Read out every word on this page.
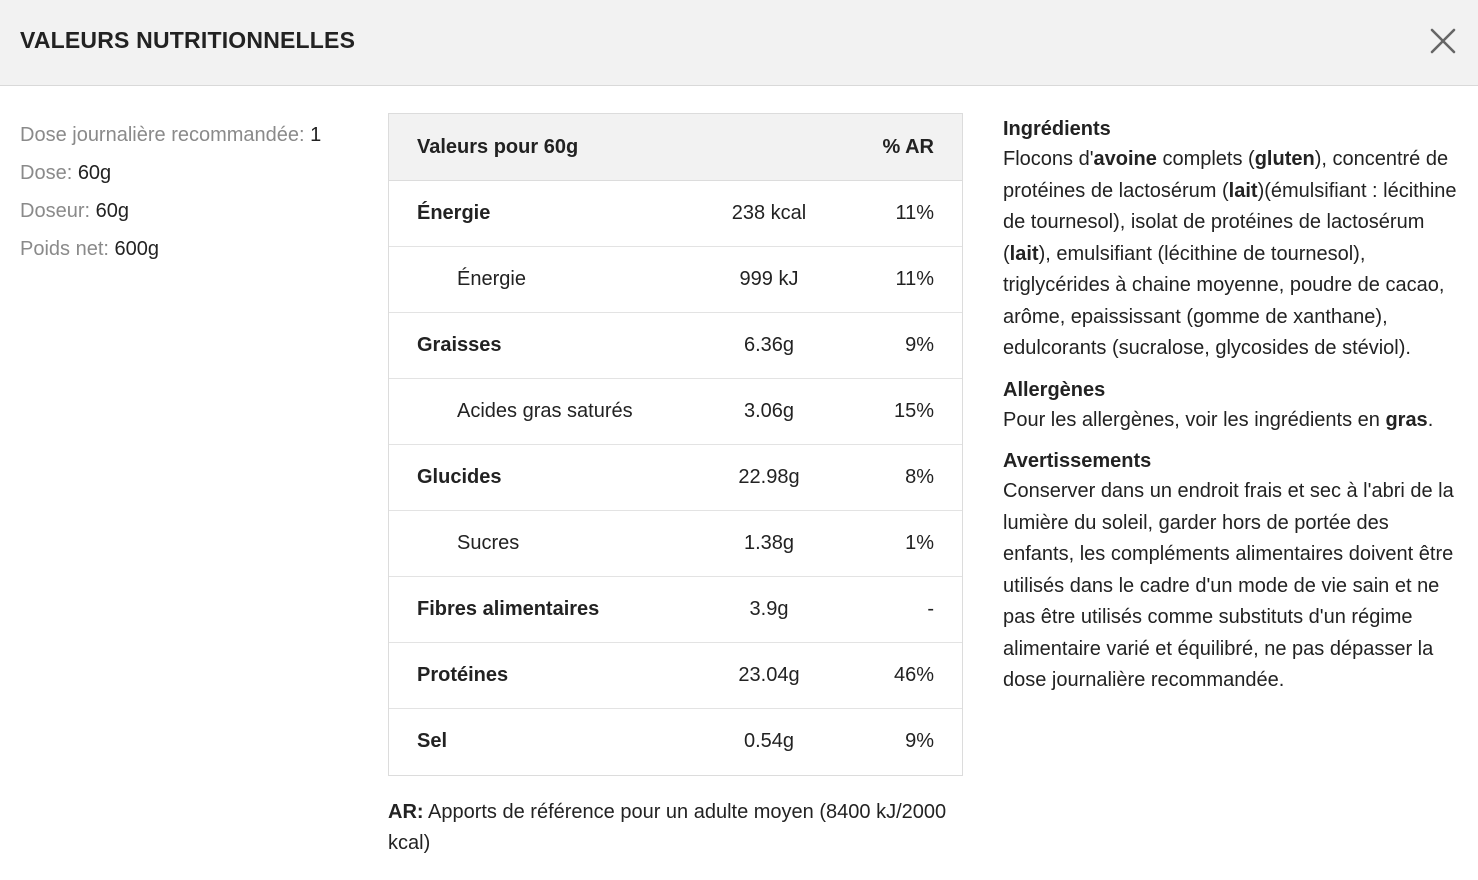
VALEURS NUTRITIONNELLES
Dose journalière recommandée: 1
Dose: 60g
Doseur: 60g
Poids net: 600g
Valeurs pour 60g	% AR
Énergie	238 kcal	11%
Énergie	999 kJ	11%
Graisses	6.36g	9%
Acides gras saturés	3.06g	15%
Glucides	22.98g	8%
Sucres	1.38g	1%
Fibres alimentaires	3.9g	-
Protéines	23.04g	46%
Sel	0.54g	9%
AR: Apports de référence pour un adulte moyen (8400 kJ/2000 kcal)
Ingrédients
Flocons d'avoine complets (gluten), concentré de protéines de lactosérum (lait)(émulsifiant : lécithine de tournesol), isolat de protéines de lactosérum (lait), emulsifiant (lécithine de tournesol), triglycérides à chaine moyenne, poudre de cacao, arôme, epaississant (gomme de xanthane), edulcorants (sucralose, glycosides de stéviol).
Allergènes
Pour les allergènes, voir les ingrédients en gras.
Avertissements
Conserver dans un endroit frais et sec à l'abri de la lumière du soleil, garder hors de portée des enfants, les compléments alimentaires doivent être utilisés dans le cadre d'un mode de vie sain et ne pas être utilisés comme substituts d'un régime alimentaire varié et équilibré, ne pas dépasser la dose journalière recommandée.
